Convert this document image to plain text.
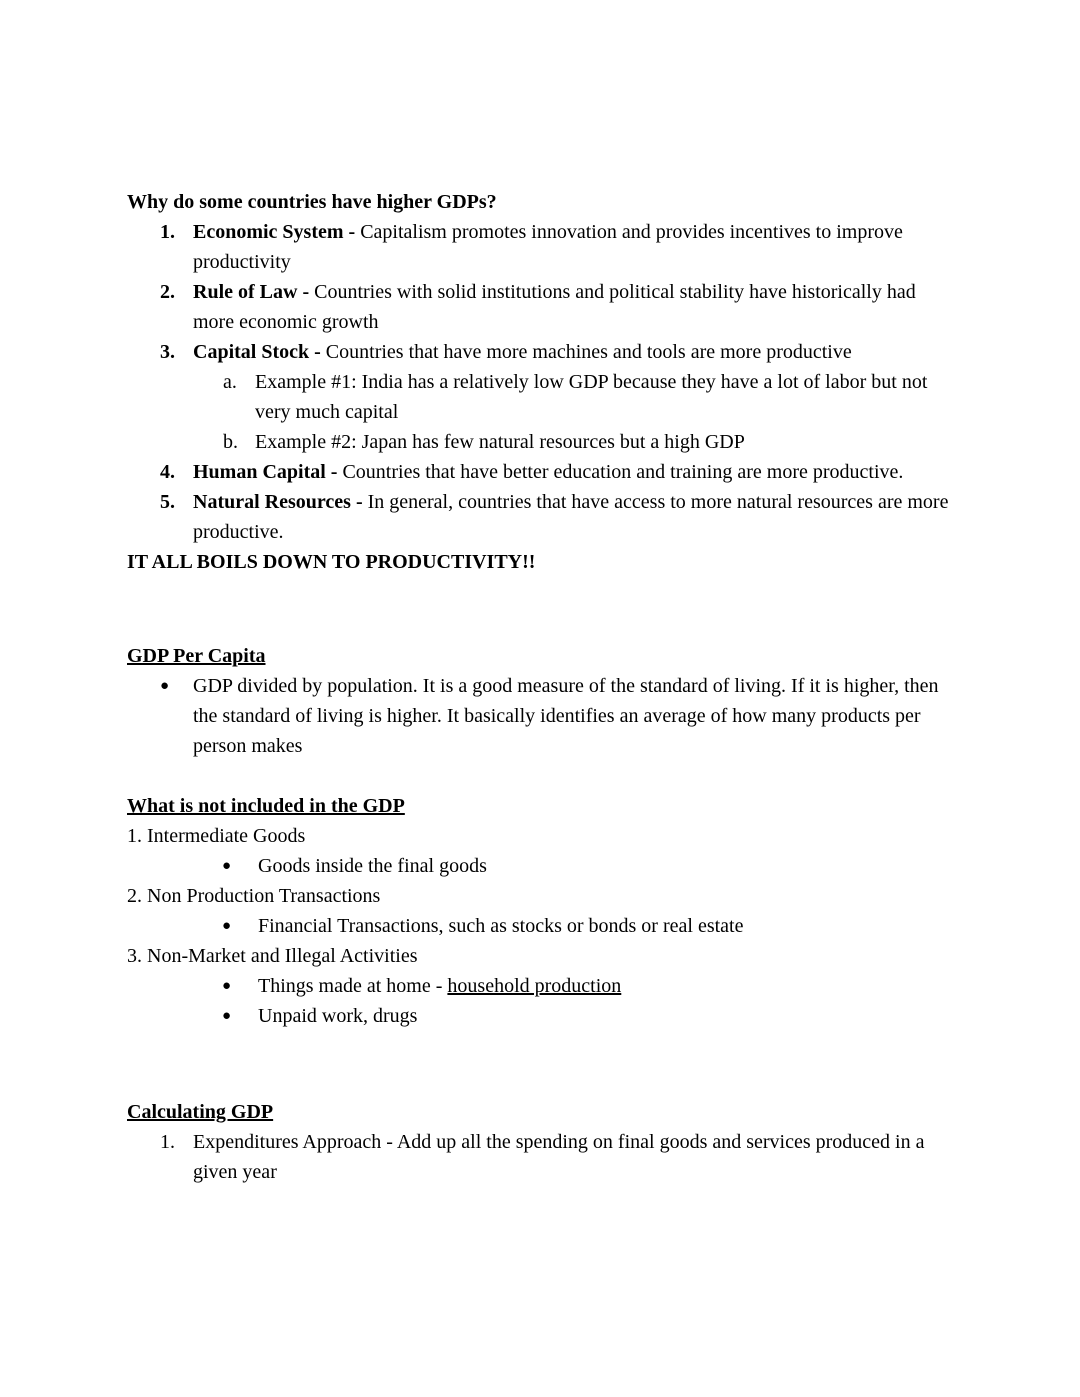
Why do some countries have higher GDPs?
1. Economic System - Capitalism promotes innovation and provides incentives to improve productivity
2. Rule of Law - Countries with solid institutions and political stability have historically had more economic growth
3. Capital Stock - Countries that have more machines and tools are more productive
a. Example #1: India has a relatively low GDP because they have a lot of labor but not very much capital
b. Example #2: Japan has few natural resources but a high GDP
4. Human Capital - Countries that have better education and training are more productive.
5. Natural Resources - In general, countries that have access to more natural resources are more productive.
IT ALL BOILS DOWN TO PRODUCTIVITY!!
GDP Per Capita
● GDP divided by population. It is a good measure of the standard of living. If it is higher, then the standard of living is higher. It basically identifies an average of how many products per person makes
What is not included in the GDP
1. Intermediate Goods
● Goods inside the final goods
2. Non Production Transactions
● Financial Transactions, such as stocks or bonds or real estate
3. Non-Market and Illegal Activities
● Things made at home - household production
● Unpaid work, drugs
Calculating GDP
1. Expenditures Approach - Add up all the spending on final goods and services produced in a given year
